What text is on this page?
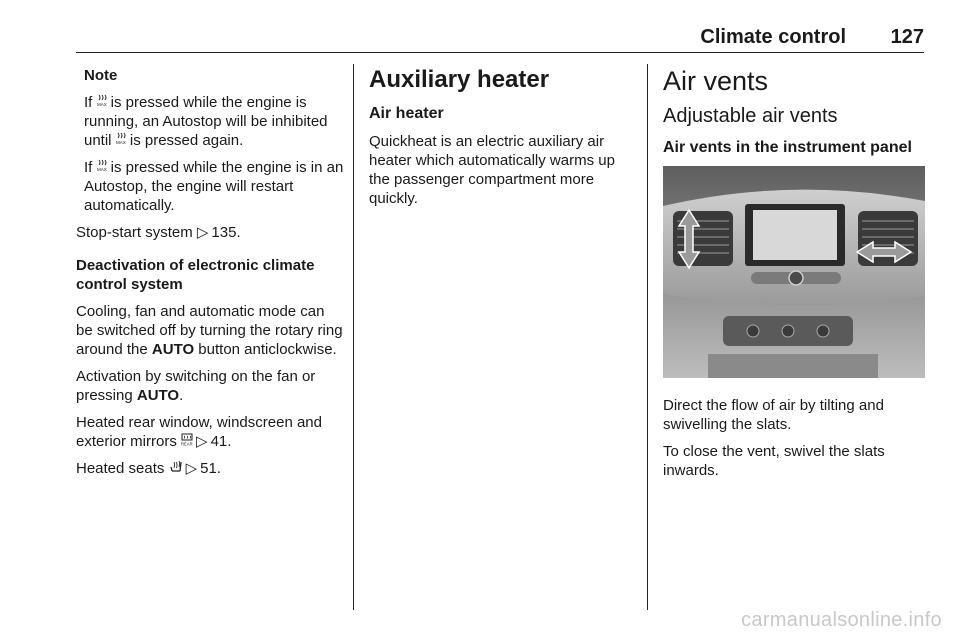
Climate control 127

Note

If MAX is pressed while the engine is running, an Autostop will be inhibited until MAX is pressed again.

If MAX is pressed while the engine is in an Autostop, the engine will restart automatically.

Stop-start system ▷ 135.

Deactivation of electronic climate control system

Cooling, fan and automatic mode can be switched off by turning the rotary ring around the AUTO button anticlockwise.

Activation by switching on the fan or pressing AUTO.

Heated rear window, windscreen and exterior mirrors REAR  ▷ 41.

Heated seats  ▷ 51.

Auxiliary heater
Air heater

Quickheat is an electric auxiliary air heater which automatically warms up the passenger compartment more quickly.

Air vents
Adjustable air vents
Air vents in the instrument panel

Direct the flow of air by tilting and swivelling the slats.

To close the vent, swivel the slats inwards.

carmanualsonline.info
